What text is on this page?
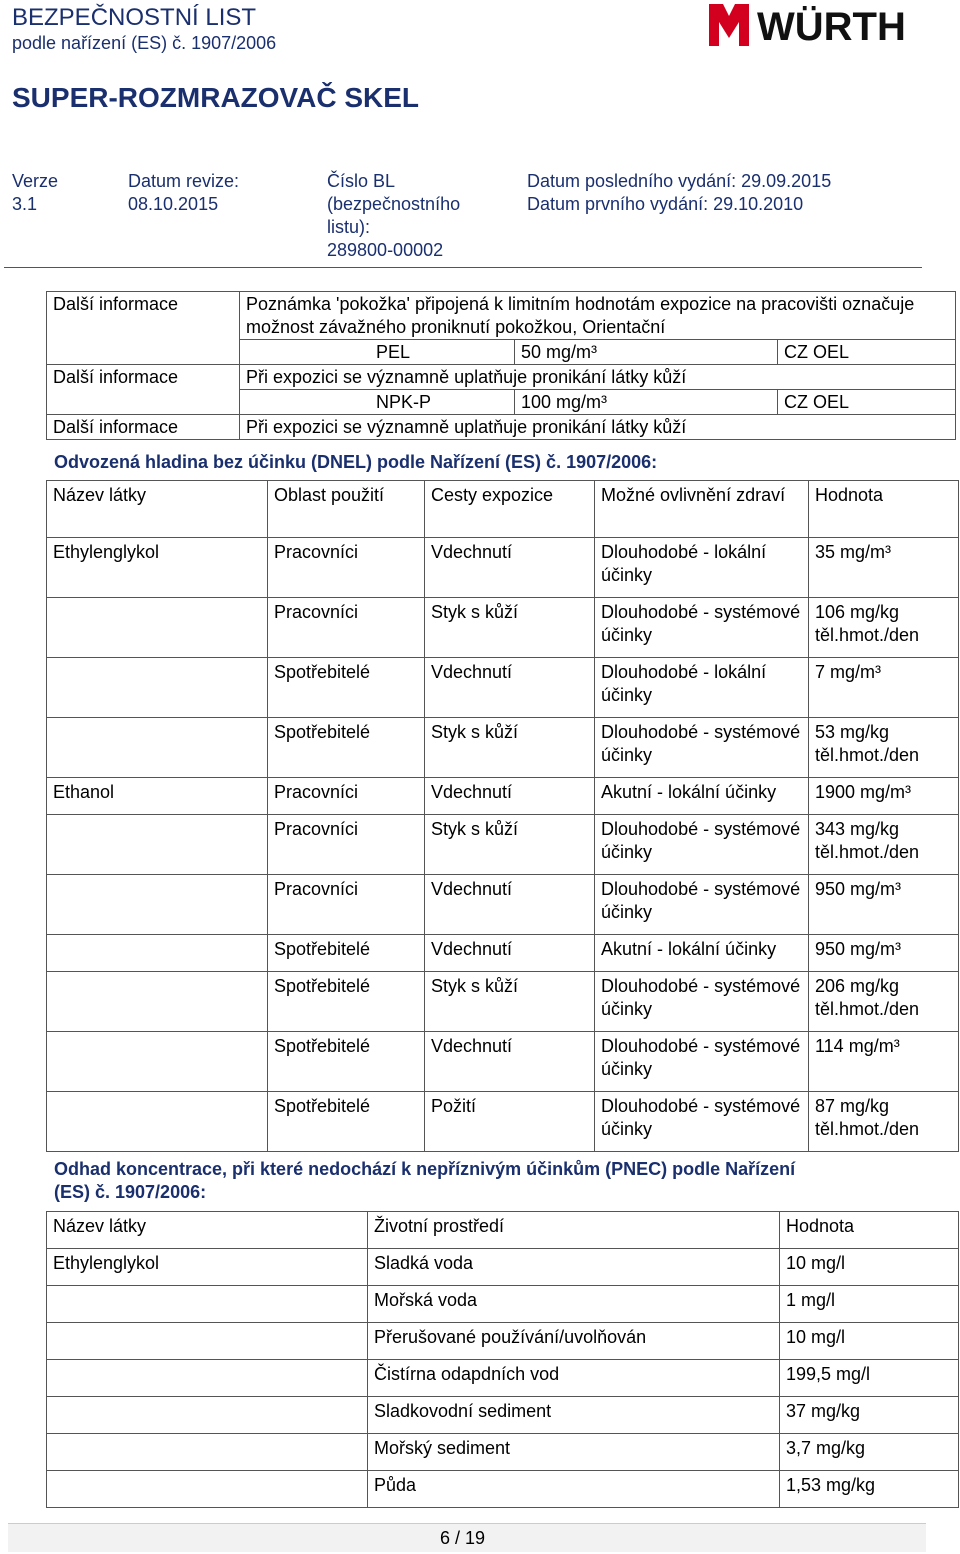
BEZPEČNOSTNÍ LIST
podle nařízení (ES) č. 1907/2006
SUPER-ROZMRAZOVAČ SKEL
WÜRTH
Verze
3.1
Datum revize:
08.10.2015
Číslo BL
(bezpečnostního
listu):
289800-00002
Datum posledního vydání: 29.09.2015
Datum prvního vydání: 29.10.2010
Další informace	Poznámka 'pokožka' připojená k limitním hodnotám expozice na pracovišti označuje možnost závažného proniknutí pokožkou, Orientační		
	PEL	50 mg/m³	CZ OEL
Další informace	Při expozici se významně uplatňuje pronikání látky kůží		
	NPK-P	100 mg/m³	CZ OEL
Další informace	Při expozici se významně uplatňuje pronikání látky kůží		
Odvozená hladina bez účinku (DNEL) podle Nařízení (ES) č. 1907/2006:
Název látky	Oblast použití	Cesty expozice	Možné ovlivnění zdraví	Hodnota
Ethylenglykol	Pracovníci	Vdechnutí	Dlouhodobé - lokální účinky	35 mg/m³
	Pracovníci	Styk s kůží	Dlouhodobé - systémové účinky	106 mg/kg těl.hmot./den
	Spotřebitelé	Vdechnutí	Dlouhodobé - lokální účinky	7 mg/m³
	Spotřebitelé	Styk s kůží	Dlouhodobé - systémové účinky	53 mg/kg těl.hmot./den
Ethanol	Pracovníci	Vdechnutí	Akutní - lokální účinky	1900 mg/m³
	Pracovníci	Styk s kůží	Dlouhodobé - systémové účinky	343 mg/kg těl.hmot./den
	Pracovníci	Vdechnutí	Dlouhodobé - systémové účinky	950 mg/m³
	Spotřebitelé	Vdechnutí	Akutní - lokální účinky	950 mg/m³
	Spotřebitelé	Styk s kůží	Dlouhodobé - systémové účinky	206 mg/kg těl.hmot./den
	Spotřebitelé	Vdechnutí	Dlouhodobé - systémové účinky	114 mg/m³
	Spotřebitelé	Požití	Dlouhodobé - systémové účinky	87 mg/kg těl.hmot./den
Odhad koncentrace, při které nedochází k nepříznivým účinkům (PNEC) podle Nařízení
(ES) č. 1907/2006:
Název látky	Životní prostředí	Hodnota
Ethylenglykol	Sladká voda	10 mg/l
	Mořská voda	1 mg/l
	Přerušované používání/uvolňován	10 mg/l
	Čistírna odapdních vod	199,5 mg/l
	Sladkovodní sediment	37 mg/kg
	Mořský sediment	3,7 mg/kg
	Půda	1,53 mg/kg
6 / 19
